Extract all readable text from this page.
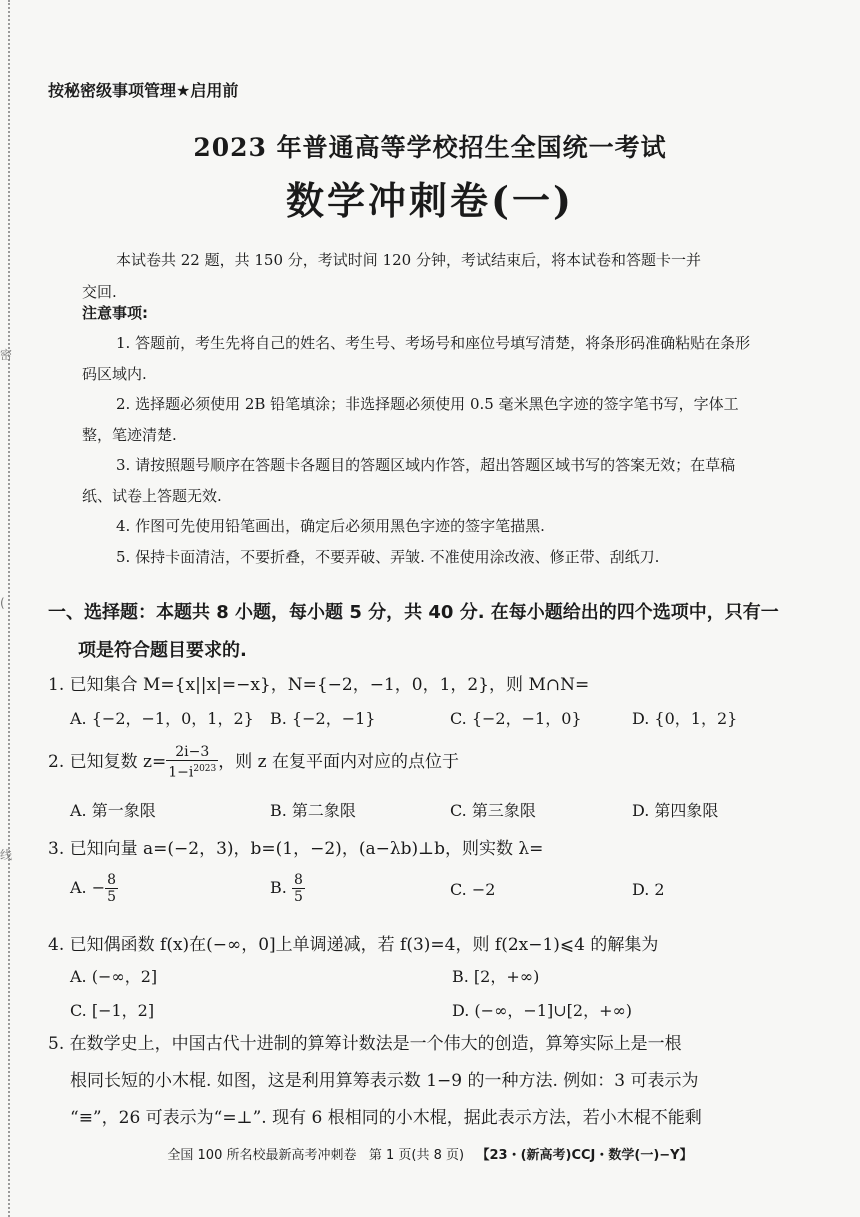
密
(
线
按秘密级事项管理★启用前
2023 年普通高等学校招生全国统一考试
数学冲刺卷(一)
本试卷共 22 题，共 150 分，考试时间 120 分钟，考试结束后，将本试卷和答题卡一并
交回.
注意事项:

1. 答题前，考生先将自己的姓名、考生号、考场号和座位号填写清楚，将条形码准确粘贴在条形码区域内.

2. 选择题必须使用 2B 铅笔填涂；非选择题必须使用 0.5 毫米黑色字迹的签字笔书写，字体工整，笔迹清楚.

3. 请按照题号顺序在答题卡各题目的答题区域内作答，超出答题区域书写的答案无效；在草稿纸、试卷上答题无效.

4. 作图可先使用铅笔画出，确定后必须用黑色字迹的签字笔描黑.

5. 保持卡面清洁，不要折叠，不要弄破、弄皱. 不准使用涂改液、修正带、刮纸刀.

一、选择题：本题共 8 小题，每小题 5 分，共 40 分. 在每小题给出的四个选项中，只有一
项是符合题目要求的.
1. 已知集合 M={x||x|=−x}，N={−2，−1，0，1，2}，则 M∩N=
A. {−2，−1，0，1，2} B. {−2，−1}	C. {−2，−1，0}	D. {0，1，2}
2. 已知复数 $z= \frac{2i-3}{1-i^{2023}}$ ，则 z 在复平面内对应的点位于
A. 第一象限	B. 第二象限	C. 第三象限	D. 第四象限
3. 已知向量 a=(−2，3)，b=(1，−2)，(a−λb)⊥b，则实数 λ=
A. − $\frac{8}{5}$	B. $\frac{8}{5}$	C. −2	D. 2
4. 已知偶函数 f(x)在(−∞，0]上单调递减，若 f(3)=4，则 f(2x−1)⩽4 的解集为
A. (−∞，2]	B. [2，+∞)
C. [−1，2]	D. (−∞，−1]∪[2，+∞)
5. 在数学史上，中国古代十进制的算筹计数法是一个伟大的创造，算筹实际上是一根
根同长短的小木棍. 如图，这是利用算筹表示数 1−9 的一种方法. 例如：3 可表示为
“≡”，26 可表示为“=⊥”. 现有 6 根相同的小木棍，据此表示方法，若小木棍不能剩
全国 100 所名校最新高考冲刺卷 第 1 页(共 8 页) 【23・(新高考)CCJ・数学(一)−Y】
